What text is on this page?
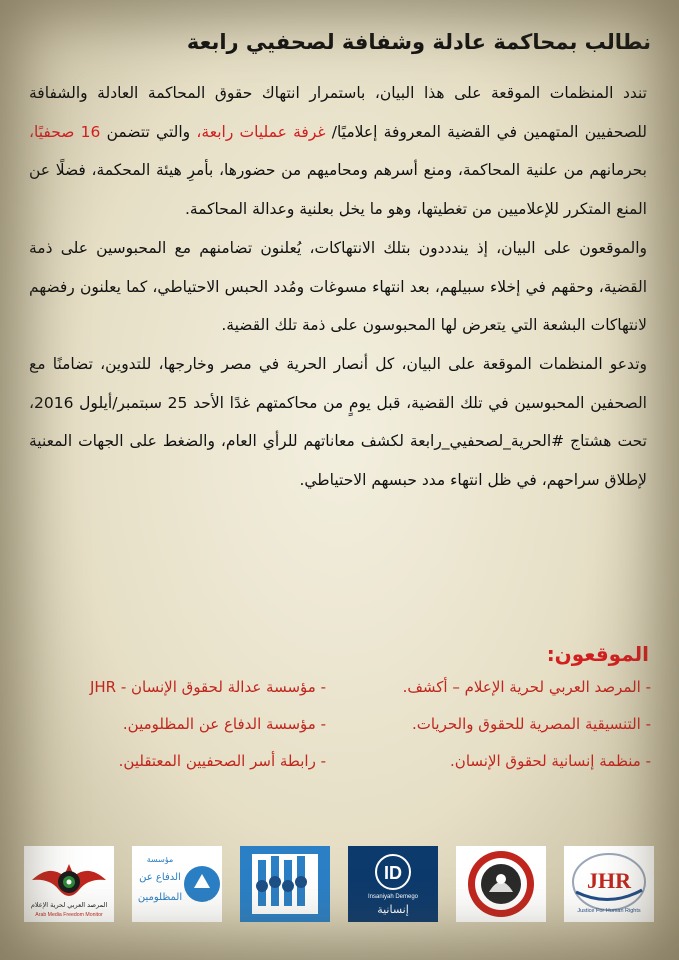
نطالب بمحاكمة عادلة وشفافة لصحفيي رابعة

تندد المنظمات الموقعة على هذا البيان، باستمرار انتهاك حقوق المحاكمة العادلة والشفافة للصحفيين المتهمين في القضية المعروفة إعلاميًا/ غرفة عمليات رابعة، والتي تتضمن 16 صحفيًا، بحرمانهم من علنية المحاكمة، ومنع أسرهم ومحاميهم من حضورها، بأمرِ هيئة المحكمة، فضلًا عن المنع المتكرر للإعلاميين من تغطيتها، وهو ما يخل بعلنية وعدالة المحاكمة.

والموقعون على البيان، إذ يندددون بتلك الانتهاكات، يُعلنون تضامنهم مع المحبوسين على ذمة القضية، وحقهم في إخلاء سبيلهم، بعد انتهاء مسوغات ومُدد الحبس الاحتياطي، كما يعلنون رفضهم لانتهاكات البشعة التي يتعرض لها المحبوسون على ذمة تلك القضية.

وتدعو المنظمات الموقعة على البيان، كل أنصار الحرية في مصر وخارجها، للتدوين، تضامنًا مع الصحفين المحبوسين في تلك القضية، قبل يومٍ من محاكمتهم غدًا الأحد 25 سبتمبر/أيلول 2016، تحت هشتاج #الحرية_لصحفيي_رابعة لكشف معاناتهم للرأي العام، والضغط على الجهات المعنية لإطلاق سراحهم، في ظل انتهاء مدد حبسهم الاحتياطي.

الموقعون:
- المرصد العربي لحرية الإعلام – أكشف.
- مؤسسة عدالة لحقوق الإنسان - JHR
- التنسيقية المصرية للحقوق والحريات.
- مؤسسة الدفاع عن المظلومين.
- منظمة إنسانية لحقوق الإنسان.
- رابطة أسر الصحفيين المعتقلين.
JHR
Justice For Human Rights
ID
Insaniyah Demego
إنسانية
عايز حقي
مؤسسة
الدفاع عن
المظلومين
المرصد العربي لحرية الإعلام
Arab Media Freedom Monitor
